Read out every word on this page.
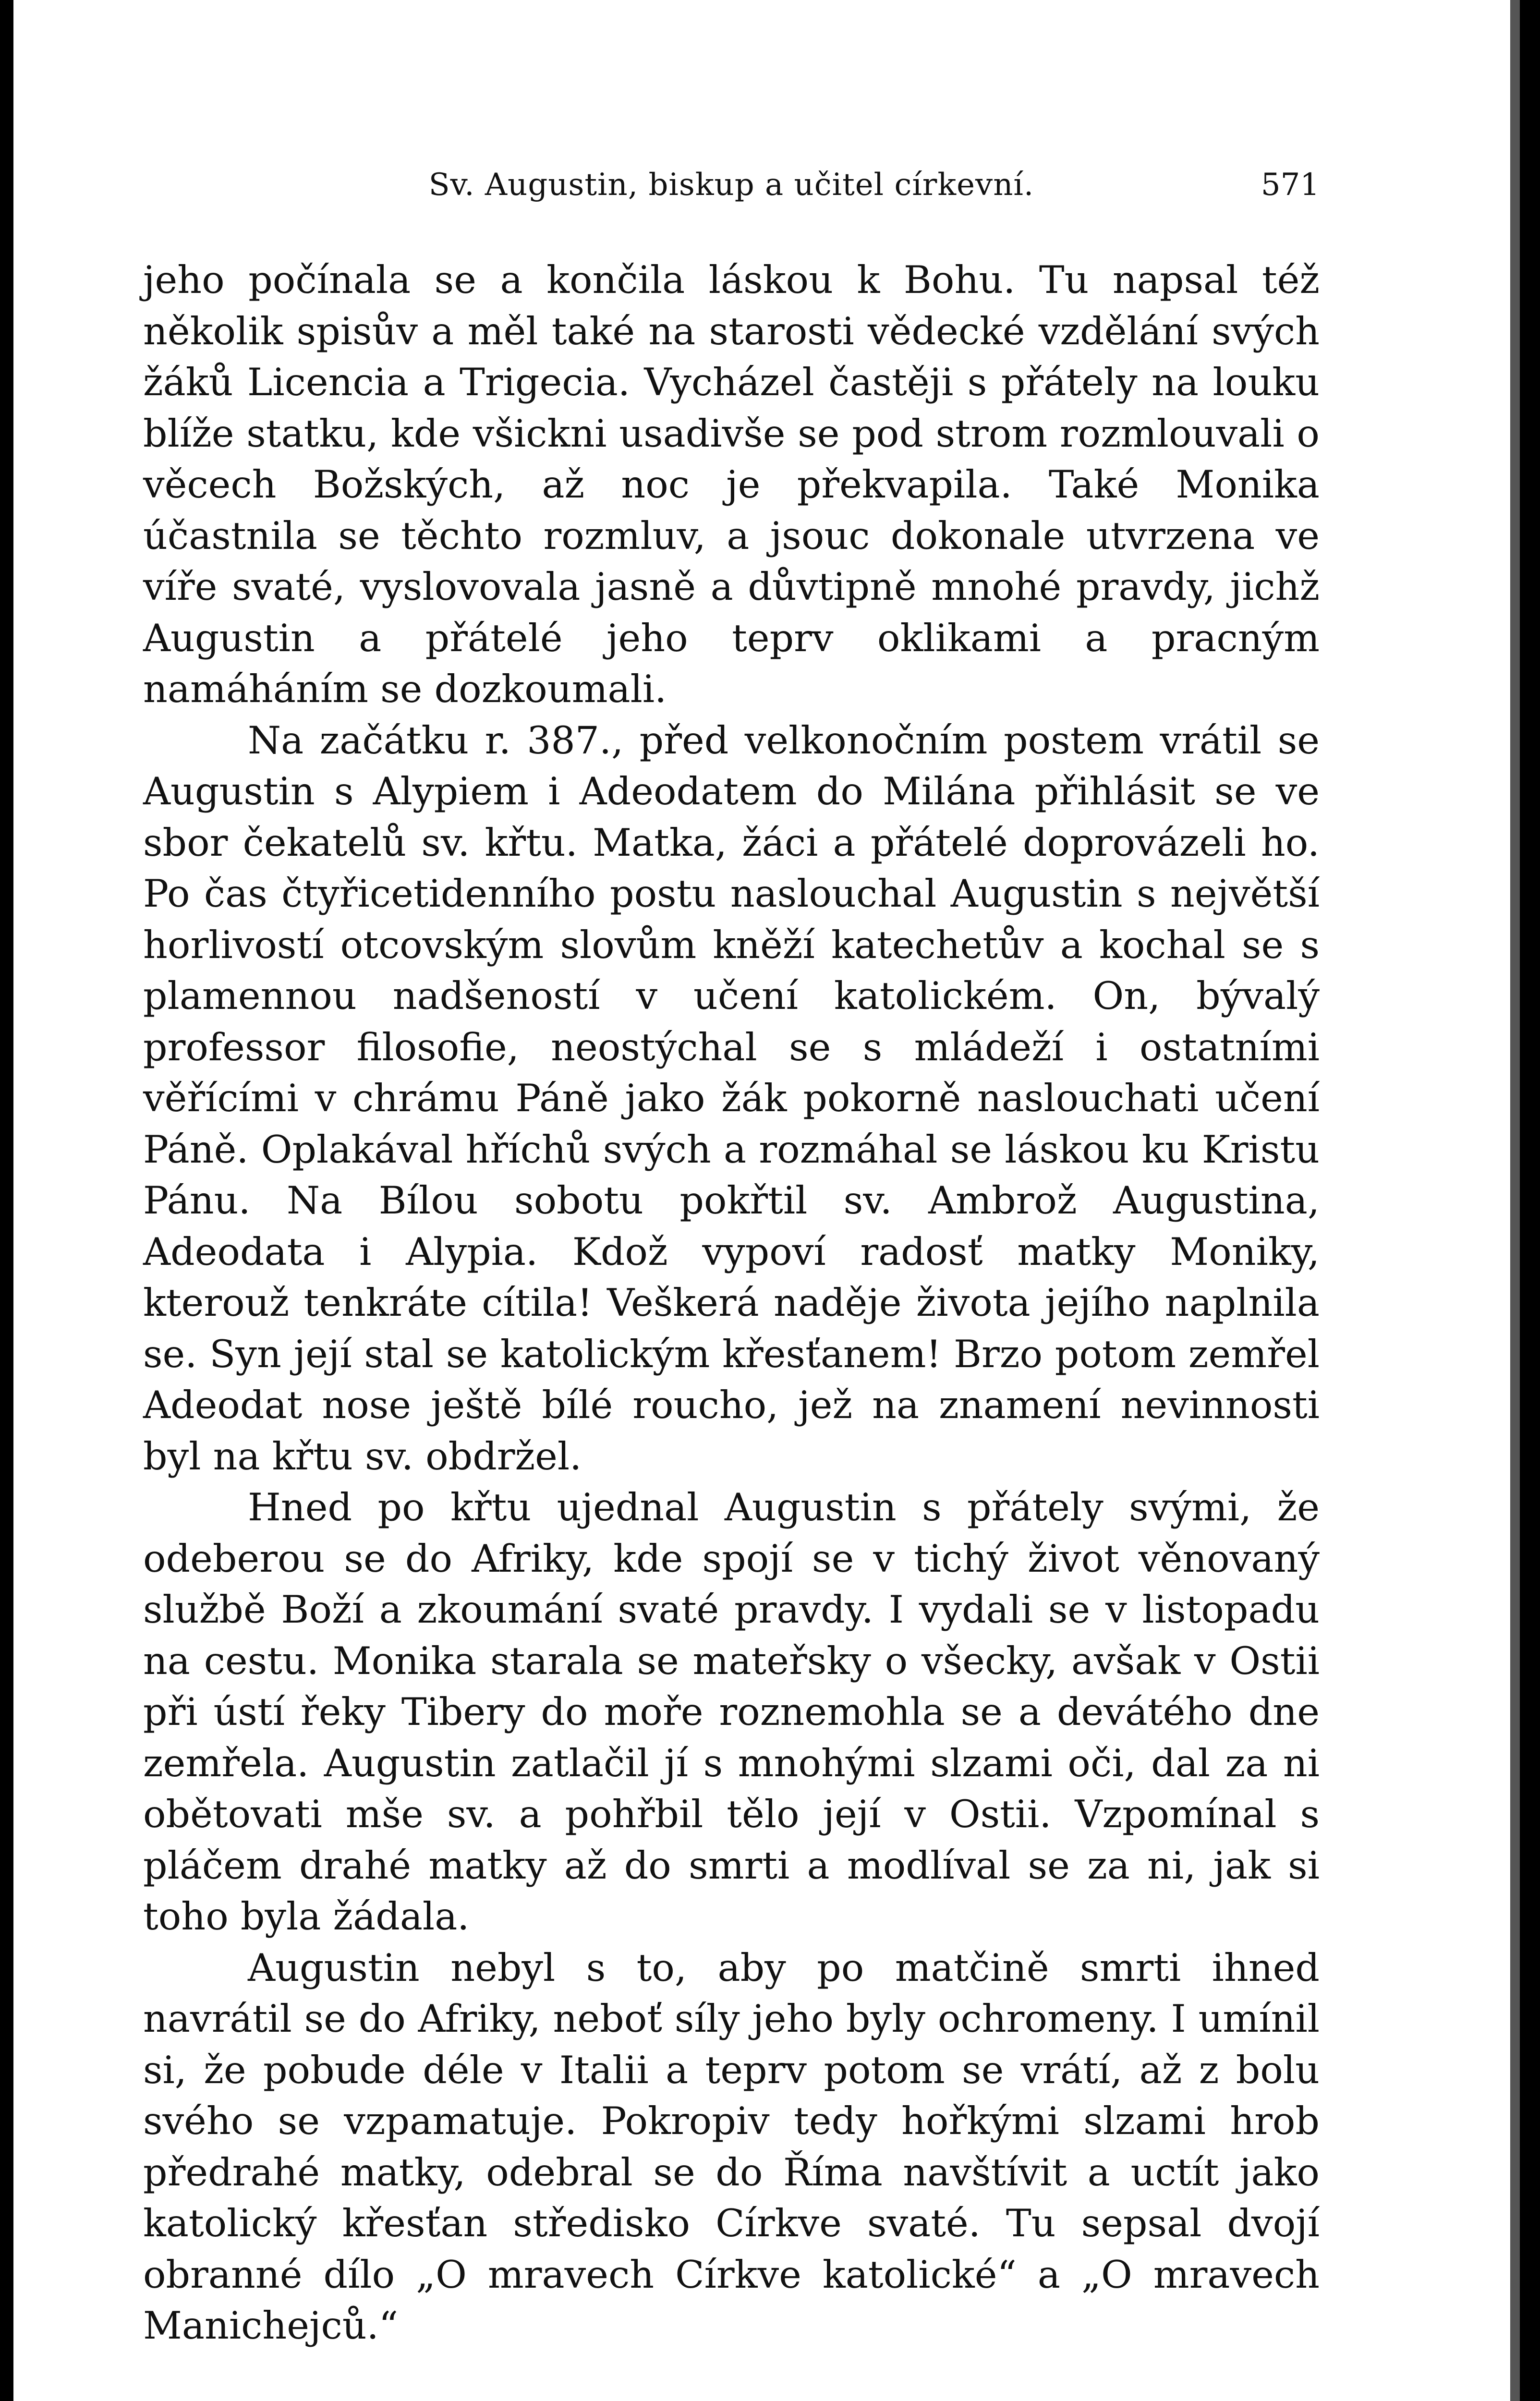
Sv. Augustin, biskup a učitel církevní.	571

jeho počínala se a končila láskou k Bohu. Tu napsal též několik spisův a měl také na starosti vědecké vzdělání svých žáků Licencia a Trigecia. Vycházel častěji s přátely na louku blíže statku, kde všickni usadivše se pod strom rozmlouvali o věcech Božských, až noc je překvapila. Také Monika účastnila se těchto rozmluv, a jsouc dokonale utvrzena ve víře svaté, vyslovovala jasně a důvtipně mnohé pravdy, jichž Augustin a přátelé jeho teprv oklikami a pracným namáháním se dozkoumali.

Na začátku r. 387., před velkonočním postem vrátil se Augustin s Alypiem i Adeodatem do Milána přihlásit se ve sbor čekatelů sv. křtu. Matka, žáci a přátelé doprovázeli ho. Po čas čtyřicetidenního postu naslouchal Augustin s největší horlivostí otcovským slovům kněží katechetův a kochal se s plamennou nadšeností v učení katolickém. On, bývalý professor filosofie, neostýchal se s mládeží i ostatními věřícími v chrámu Páně jako žák pokorně naslouchati učení Páně. Oplakával hříchů svých a rozmáhal se láskou ku Kristu Pánu. Na Bílou sobotu pokřtil sv. Ambrož Augustina, Adeodata i Alypia. Kdož vypoví radosť matky Moniky, kterouž tenkráte cítila! Veškerá naděje života jejího naplnila se. Syn její stal se katolickým křesťanem! Brzo potom zemřel Adeodat nose ještě bílé roucho, jež na znamení nevinnosti byl na křtu sv. obdržel.

Hned po křtu ujednal Augustin s přátely svými, že odeberou se do Afriky, kde spojí se v tichý život věnovaný službě Boží a zkoumání svaté pravdy. I vydali se v listopadu na cestu. Monika starala se mateřsky o všecky, avšak v Ostii při ústí řeky Tibery do moře roznemohla se a devátého dne zemřela. Augustin zatlačil jí s mnohými slzami oči, dal za ni obětovati mše sv. a pohřbil tělo její v Ostii. Vzpomínal s pláčem drahé matky až do smrti a modlíval se za ni, jak si toho byla žádala.

Augustin nebyl s to, aby po matčině smrti ihned navrátil se do Afriky, neboť síly jeho byly ochromeny. I umínil si, že pobude déle v Italii a teprv potom se vrátí, až z bolu svého se vzpamatuje. Pokropiv tedy hořkými slzami hrob předrahé matky, odebral se do Říma navštívit a uctít jako katolický křesťan středisko Církve svaté. Tu sepsal dvojí obranné dílo „O mravech Církve katolické“ a „O mravech Manichejců.“
